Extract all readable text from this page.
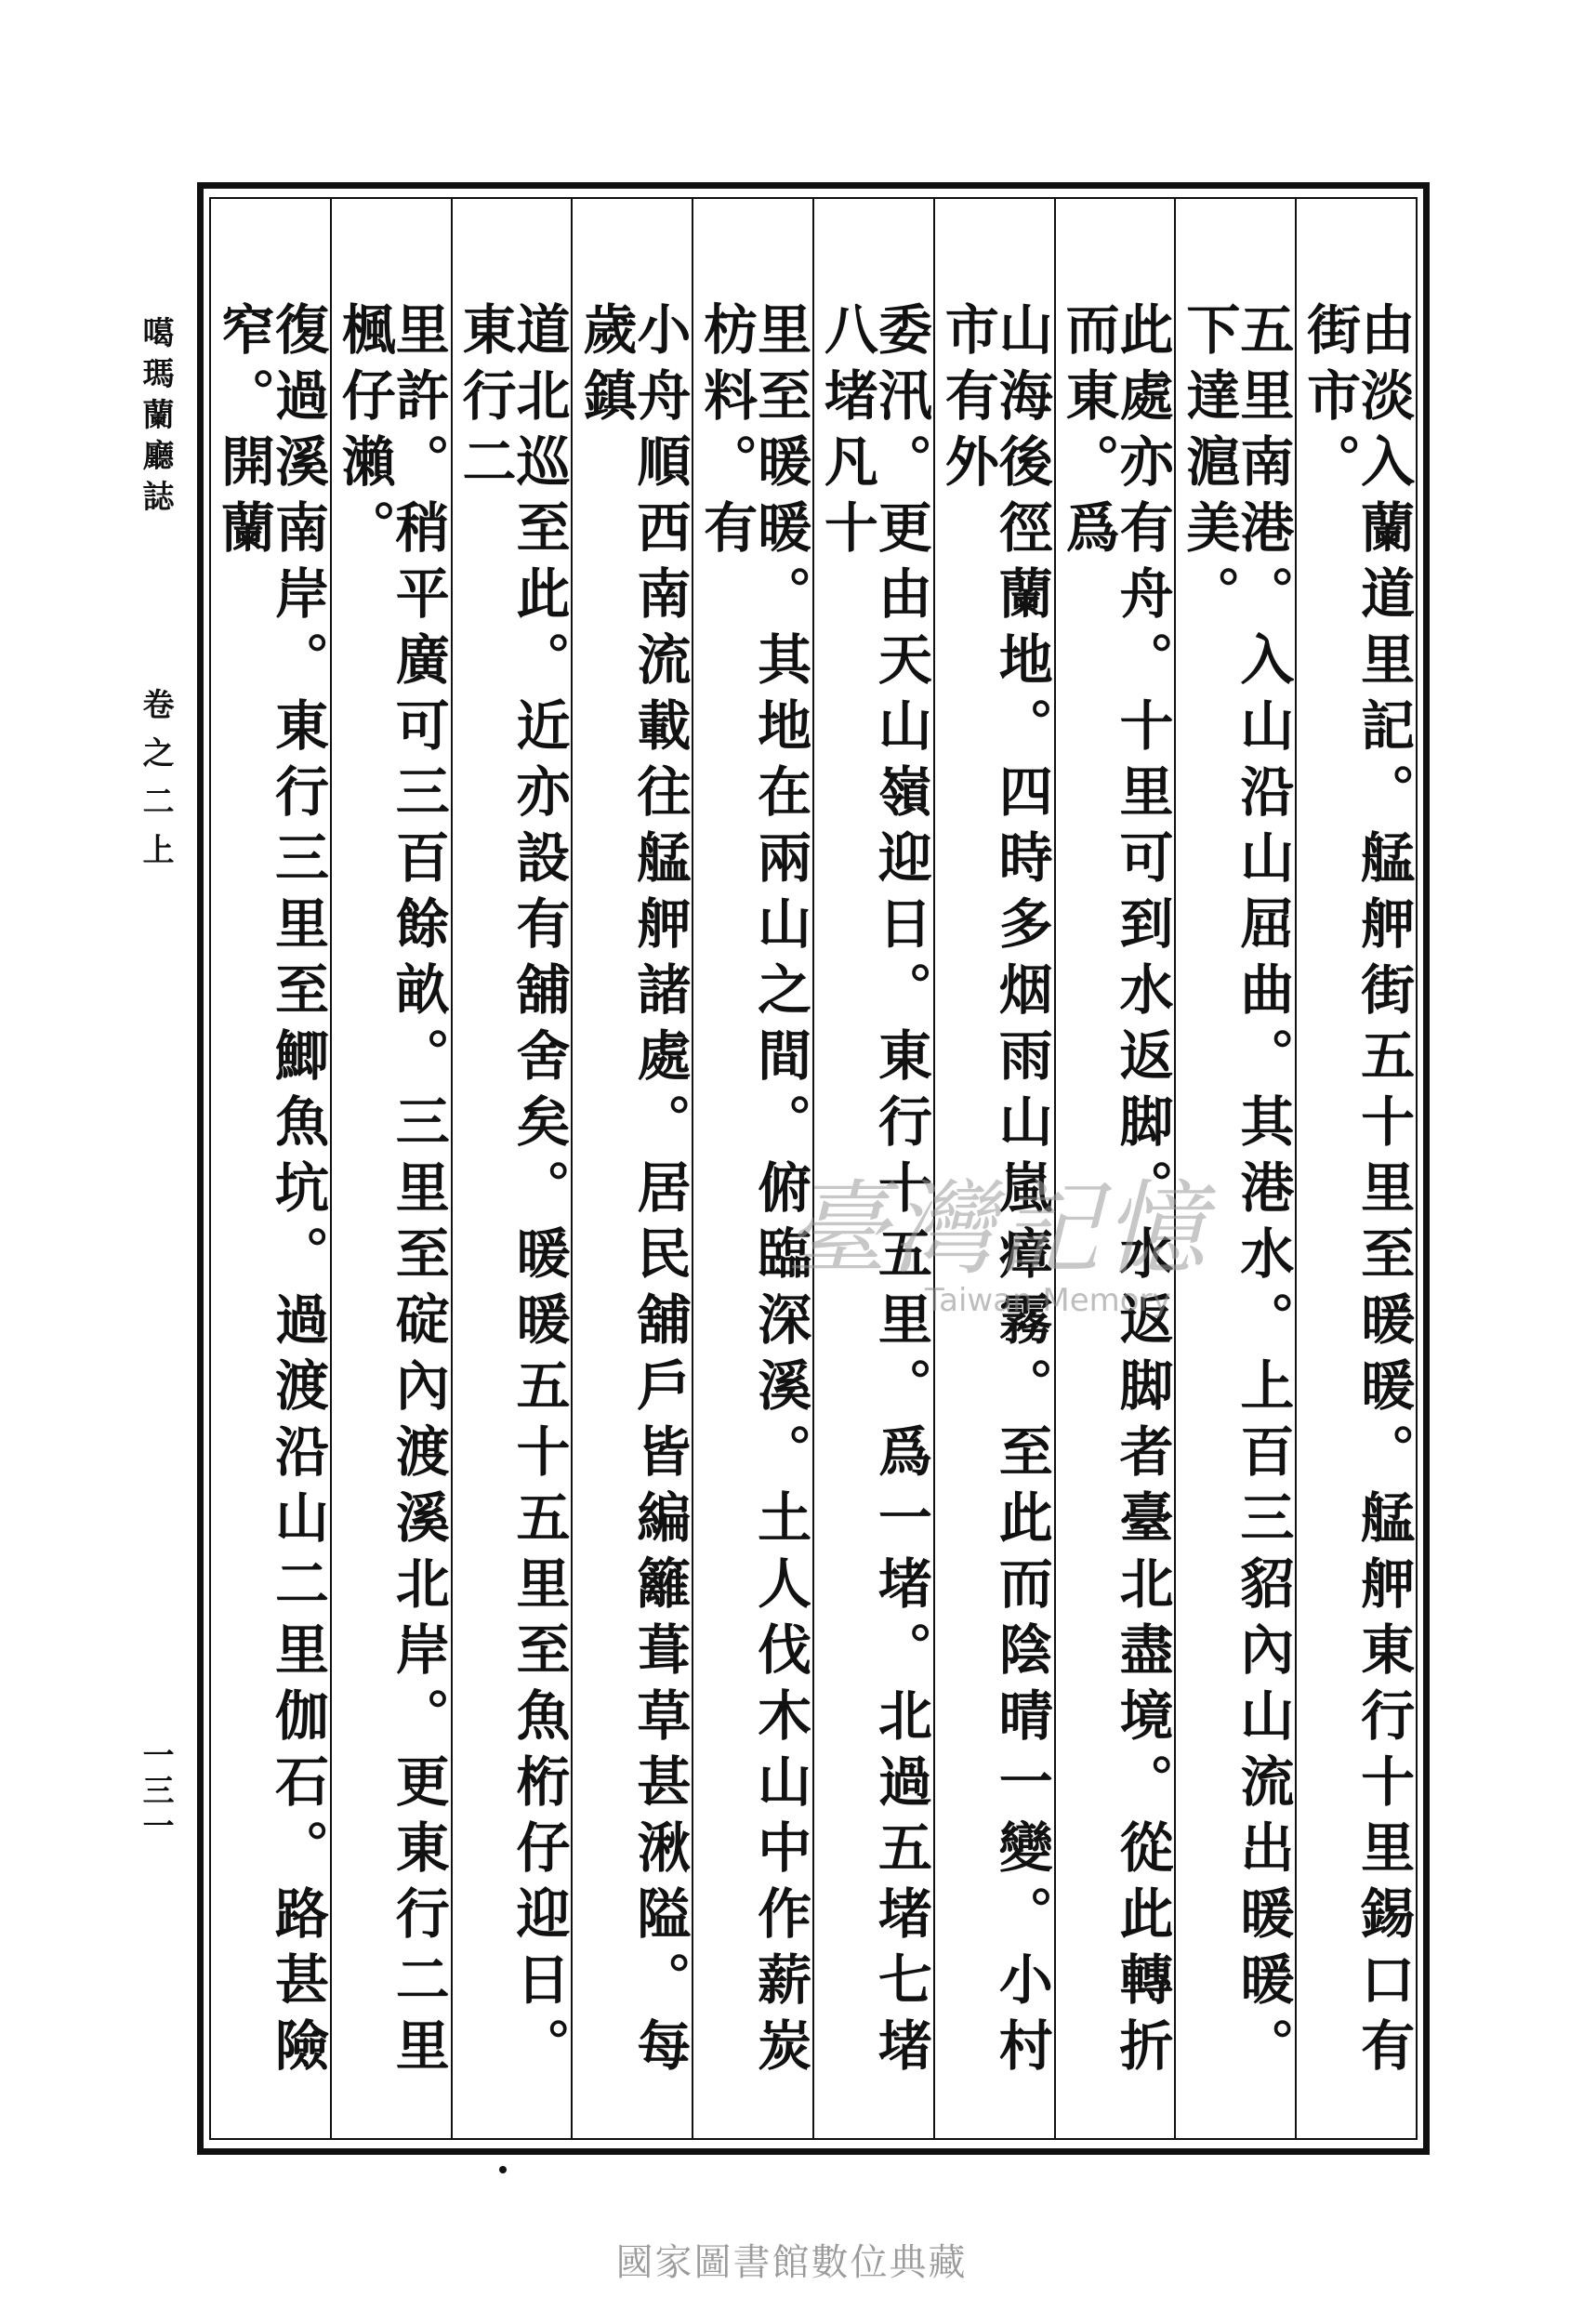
由淡入蘭道里記。艋舺街五十里至暖暖。艋舺東行十里錫口有街市。
五里南港。入山沿山屈曲。其港水。上百三貂內山流出暖暖。下達滬美。
此處亦有舟。十里可到水返脚。水返脚者臺北盡境。從此轉折而東。爲
山海後徑蘭地。四時多烟雨山嵐瘴霧。至此而陰晴一變。小村市有外
委汛。更由天山嶺迎日。東行十五里。爲一堵。北過五堵七堵八堵凡十
里至暖暖。其地在兩山之間。俯臨深溪。土人伐木山中作薪炭枋料。有
小舟順西南流載往艋舺諸處。居民舖戶皆編籬葺草甚湫隘。每歲鎮
道北巡至此。近亦設有舖舍矣。暖暖五十五里至魚桁仔迎日。東行二
里許。稍平廣可三百餘畝。三里至碇內渡溪北岸。更東行二里楓仔瀨。
復過溪南岸。東行三里至鯽魚坑。過渡沿山二里伽石。路甚險窄。開蘭
噶瑪蘭廳誌
卷之二上
一三一
臺灣記憶
Taiwan Memory
國家圖書館數位典藏
